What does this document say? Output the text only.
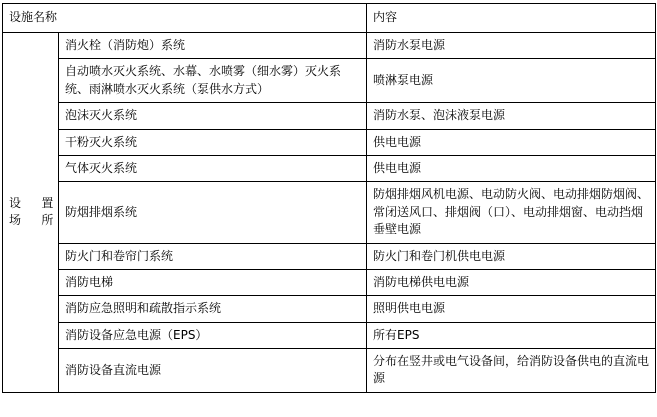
设施名称		内容

设　置
场　所	消火栓（消防炮）系统	消防水泵电源
	自动喷水灭火系统、水幕、水喷雾（细水雾）灭火系统、雨淋喷水灭火系统（泵供水方式）	喷淋泵电源
	泡沫灭火系统	消防水泵、泡沫液泵电源
	干粉灭火系统	供电电源
	气体灭火系统	供电电源
	防烟排烟系统	防烟排烟风机电源、电动防火阀、电动排烟防烟阀、常闭送风口、排烟阀（口）、电动排烟窗、电动挡烟垂壁电源
	防火门和卷帘门系统	防火门和卷门机供电电源
	消防电梯	消防电梯供电电源
	消防应急照明和疏散指示系统	照明供电电源
	消防设备应急电源（EPS）	所有EPS
	消防设备直流电源	分布在竖井或电气设备间，给消防设备供电的直流电源
